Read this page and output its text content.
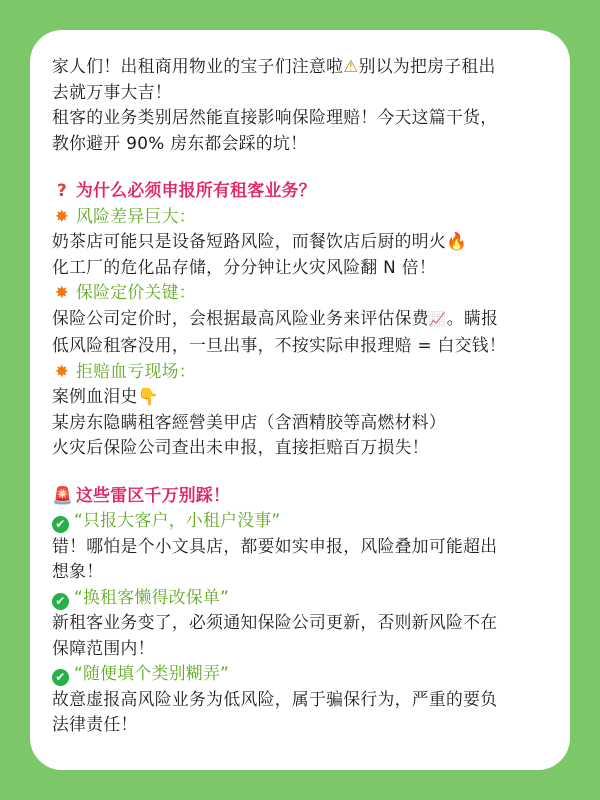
家人们！出租商用物业的宝子们注意啦⚠别以为把房子租出
去就万事大吉！
租客的业务类别居然能直接影响保险理赔！今天这篇干货，
教你避开 90% 房东都会踩的坑！
? 为什么必须申报所有租客业务？
✸ 风险差异巨大：
奶茶店可能只是设备短路风险，而餐饮店后厨的明火🔥
化工厂的危化品存储，分分钟让火灾风险翻 N 倍！
✸ 保险定价关键：
保险公司定价时，会根据最高风险业务来评估保费📈。瞒报
低风险租客没用，一旦出事，不按实际申报理赔 = 白交钱！
✸ 拒赔血亏现场：
案例血泪史👇
某房东隐瞒租客經營美甲店（含酒精胶等高燃材料）
火灾后保险公司查出未申报，直接拒赔百万损失！
🚨 这些雷区千万别踩！
✔ “只报大客户，小租户没事”
错！哪怕是个小文具店，都要如实申报，风险叠加可能超出
想象！
✔ “换租客懒得改保单”
新租客业务变了，必须通知保险公司更新，否则新风险不在
保障范围内！
✔ “随便填个类别糊弄”
故意虚报高风险业务为低风险，属于骗保行为，严重的要负
法律责任！
